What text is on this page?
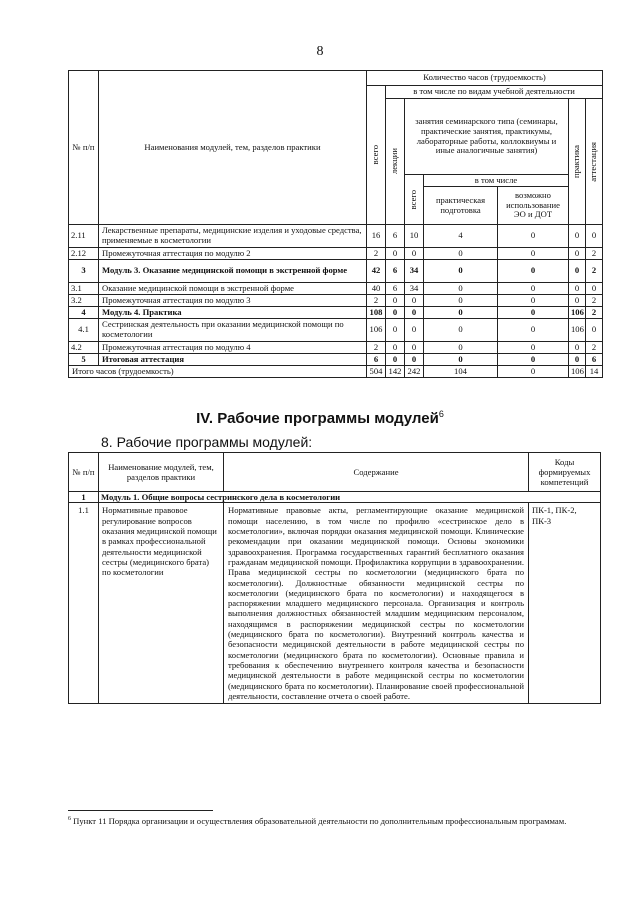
8
№ п/п	Наименования модулей, тем, разделов практики	Количество часов (трудоемкость)						

		всего	в том числе по видам учебной деятельности					

			лекции	занятия семинарского типа (семинары, практические занятия, практикумы, лабораторные работы, коллоквиумы и иные аналогичные занятия)			практика	аттестация

				всего	в том числе			
					практическая подготовка	возможно использование ЭО и ДОТ		
2.11	Лекарственные препараты, медицинские изделия и уходовые средства, применяемые в косметологии	16	6	10	4	0	0	0
2.12	Промежуточная аттестация по модулю 2	2	0	0	0	0	0	2
3	Модуль 3. Оказание медицинской помощи в экстренной форме	42	6	34	0	0	0	2
3.1	Оказание медицинской помощи в экстренной форме	40	6	34	0	0	0	0
3.2	Промежуточная аттестация по модулю 3	2	0	0	0	0	0	2
4	Модуль 4. Практика	108	0	0	0	0	106	2
4.1	Сестринская деятельность при оказании медицинской помощи по косметологии	106	0	0	0	0	106	0
4.2	Промежуточная аттестация по модулю 4	2	0	0	0	0	0	2
5	Итоговая аттестация	6	0	0	0	0	0	6
Итого часов (трудоемкость)		504	142	242	104	0	106	14
IV. Рабочие программы модулей$^6$
8. Рабочие программы модулей:
№ п/п	Наименование модулей, тем, разделов практики	Содержание	Коды формируемых компетенций
1	Модуль 1. Общие вопросы сестринского дела в косметологии		
1.1	Нормативные правовое регулирование вопросов оказания медицинской помощи в рамках профессиональной деятельности медицинской сестры (медицинского брата) по косметологии	Нормативные правовые акты, регламентирующие оказание медицинской помощи населению, в том числе по профилю «сестринское дело в косметологии», включая порядки оказания медицинской помощи. Клинические рекомендации при оказании медицинской помощи. Основы экономики здравоохранения. Программа государственных гарантий бесплатного оказания гражданам медицинской помощи. Профилактика коррупции в здравоохранении. Права медицинской сестры по косметологии (медицинского брата по косметологии). Должностные обязанности медицинской сестры по косметологии (медицинского брата по косметологии) и находящегося в распоряжении младшего медицинского персонала. Организация и контроль выполнения должностных обязанностей младшим медицинским персоналом, находящимся в распоряжении медицинской сестры по косметологии (медицинского брата по косметологии). Внутренний контроль качества и безопасности медицинской деятельности в работе медицинской сестры по косметологии (медицинского брата по косметологии). Основные правила и требования к обеспечению внутреннего контроля качества и безопасности медицинской деятельности в работе медицинской сестры по косметологии (медицинского брата по косметологии). Планирование своей профессиональной деятельности, составление отчета о своей работе.	ПК-1, ПК-2, ПК-3
$^6$ Пункт 11 Порядка организации и осуществления образовательной деятельности по дополнительным профессиональным программам.
